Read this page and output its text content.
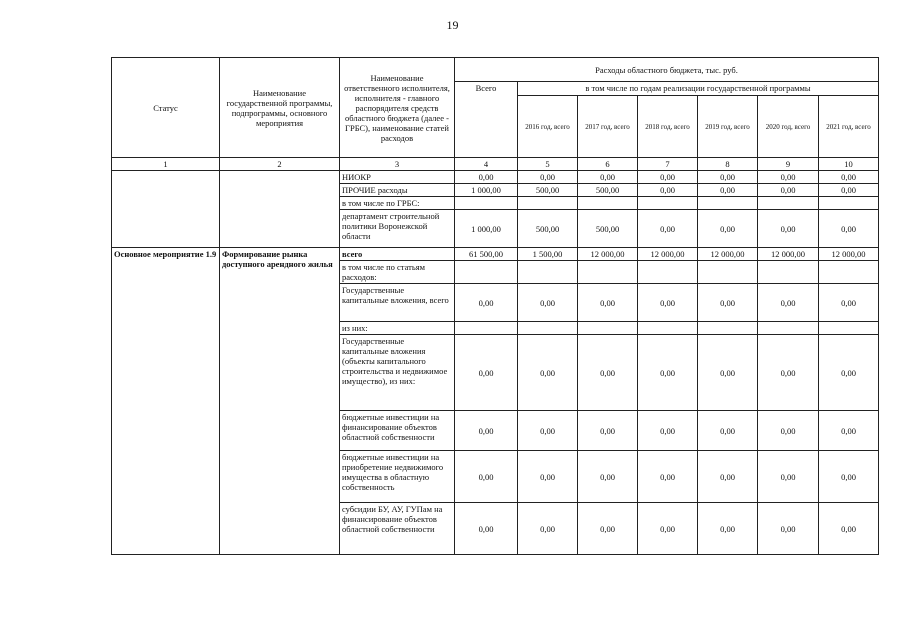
19
Статус	Наименование государственной программы, подпрограммы, основного мероприятия	Наименование ответственного исполнителя, исполнителя - главного распорядителя средств областного бюджета (далее - ГРБС), наименование статей расходов	Расходы областного бюджета, тыс. руб.						
			Всего	в том числе по годам реализации государственной программы					
				2016 год, всего	2017 год, всего	2018 год, всего	2019 год, всего	2020 год, всего	2021 год, всего
1	2	3	4	5	6	7	8	9	10
		НИОКР	0,00	0,00	0,00	0,00	0,00	0,00	0,00
		ПРОЧИЕ расходы	1 000,00	500,00	500,00	0,00	0,00	0,00	0,00
		в том числе по ГРБС:							
		департамент строительной политики Воронежской области	1 000,00	500,00	500,00	0,00	0,00	0,00	0,00
Основное мероприятие 1.9	Формирование рынка доступного арендного жилья	всего	61 500,00	1 500,00	12 000,00	12 000,00	12 000,00	12 000,00	12 000,00
		в том числе по статьям расходов:							
		Государственные капитальные вложения, всего	0,00	0,00	0,00	0,00	0,00	0,00	0,00
		из них:							
		Государственные капитальные вложения (объекты капитального строительства и недвижимое имущество), из них:	0,00	0,00	0,00	0,00	0,00	0,00	0,00
		бюджетные инвестиции на финансирование объектов областной собственности	0,00	0,00	0,00	0,00	0,00	0,00	0,00
		бюджетные инвестиции на приобретение недвижимого имущества в областную собственность	0,00	0,00	0,00	0,00	0,00	0,00	0,00
		субсидии БУ, АУ, ГУПам на финансирование объектов областной собственности	0,00	0,00	0,00	0,00	0,00	0,00	0,00
